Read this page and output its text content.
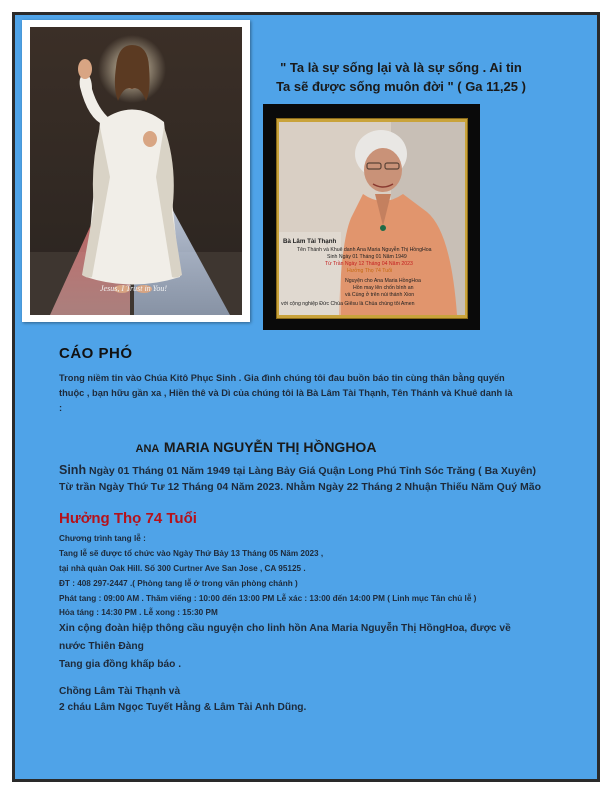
Jesus, I Trust in You!
" Ta là sự sống lại và là sự sống . Ai tin
Ta sẽ được sống muôn đời " ( Ga 11,25 )
Bà Lâm Tài Thạnh
Tên Thánh và Khuê danh Ana Maria Nguyễn Thị HồngHoa
Sinh Ngày 01 Tháng 01 Năm 1949
Từ Trần Ngày 12 Tháng 04 Năm 2023
Hưởng Thọ 74 Tuổi
Nguyện cho Ana Maria HồngHoa
Hồn may lên chốn bình an
và Cùng ở trên núi thánh Xion
với cộng nghiệp Đức Chúa Giêsu là Chúa chúng tôi Amen
CÁO PHÓ
Trong niềm tin vào Chúa Kitô Phục Sinh . Gia đình chúng tôi đau buồn báo tin cùng thân bằng quyến
thuộc , bạn hữu gần xa , Hiền thê và Dì của chúng tôi là Bà Lâm Tài Thạnh, Tên Thánh và Khuê danh là
:
ANA MARIA NGUYỄN THỊ HỒNGHOA
Sinh Ngày 01 Tháng 01 Năm 1949 tại Làng Bảy Giá Quận Long Phú Tỉnh Sóc Trăng ( Ba Xuyên)
Từ trần Ngày Thứ Tư 12 Tháng 04 Năm 2023. Nhằm Ngày 22 Tháng 2 Nhuận Thiếu Năm Quý Mão
Hưởng Thọ 74 Tuổi
Chương trình tang lễ :
Tang lễ sẽ được tổ chức vào Ngày Thứ Bảy 13 Tháng 05 Năm 2023 ,
tại nhà quàn Oak Hill. Số 300 Curtner Ave San Jose , CA 95125 .
ĐT : 408 297-2447 .( Phòng tang lễ ở trong văn phòng chánh )
Phát tang : 09:00 AM . Thăm viếng : 10:00 đến 13:00 PM Lễ xác : 13:00 đến 14:00 PM ( Linh mục Tân chủ lễ )
Hỏa táng : 14:30 PM . Lễ xong : 15:30 PM
Xin cộng đoàn hiệp thông cầu nguyện cho linh hồn Ana Maria Nguyễn Thị HồngHoa, được về
nước Thiên Đàng
Tang gia đồng khấp báo .
Chồng Lâm Tài Thạnh và
2 cháu Lâm Ngọc Tuyết Hằng & Lâm Tài Anh Dũng.
